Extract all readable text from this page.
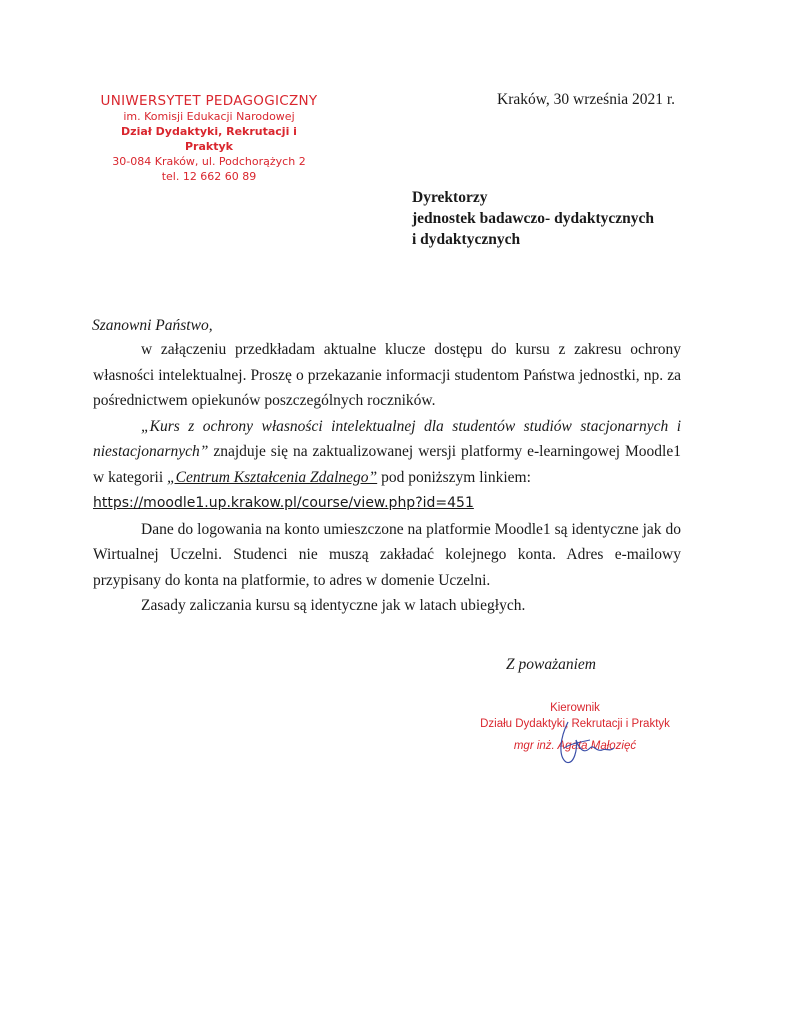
UNIWERSYTET PEDAGOGICZNY
im. Komisji Edukacji Narodowej
Dział Dydaktyki, Rekrutacji i Praktyk
30-084 Kraków, ul. Podchorążych 2
tel. 12 662 60 89
Kraków, 30 września 2021 r.
Dyrektorzy
jednostek badawczo- dydaktycznych
i dydaktycznych
Szanowni Państwo,

w załączeniu przedkładam aktualne klucze dostępu do kursu z zakresu ochrony własności intelektualnej. Proszę o przekazanie informacji studentom Państwa jednostki, np. za pośrednictwem opiekunów poszczególnych roczników.

„Kurs z ochrony własności intelektualnej dla studentów studiów stacjonarnych i niestacjonarnych” znajduje się na zaktualizowanej wersji platformy e-learningowej Moodle1 w kategorii „Centrum Kształcenia Zdalnego” pod poniższym linkiem:

https://moodle1.up.krakow.pl/course/view.php?id=451

Dane do logowania na konto umieszczone na platformie Moodle1 są identyczne jak do Wirtualnej Uczelni. Studenci nie muszą zakładać kolejnego konta. Adres e-mailowy przypisany do konta na platformie, to adres w domenie Uczelni.

Zasady zaliczania kursu są identyczne jak w latach ubiegłych.

Z poważaniem
Kierownik
Działu Dydaktyki, Rekrutacji i Praktyk
mgr inż. Agata Małozięć
